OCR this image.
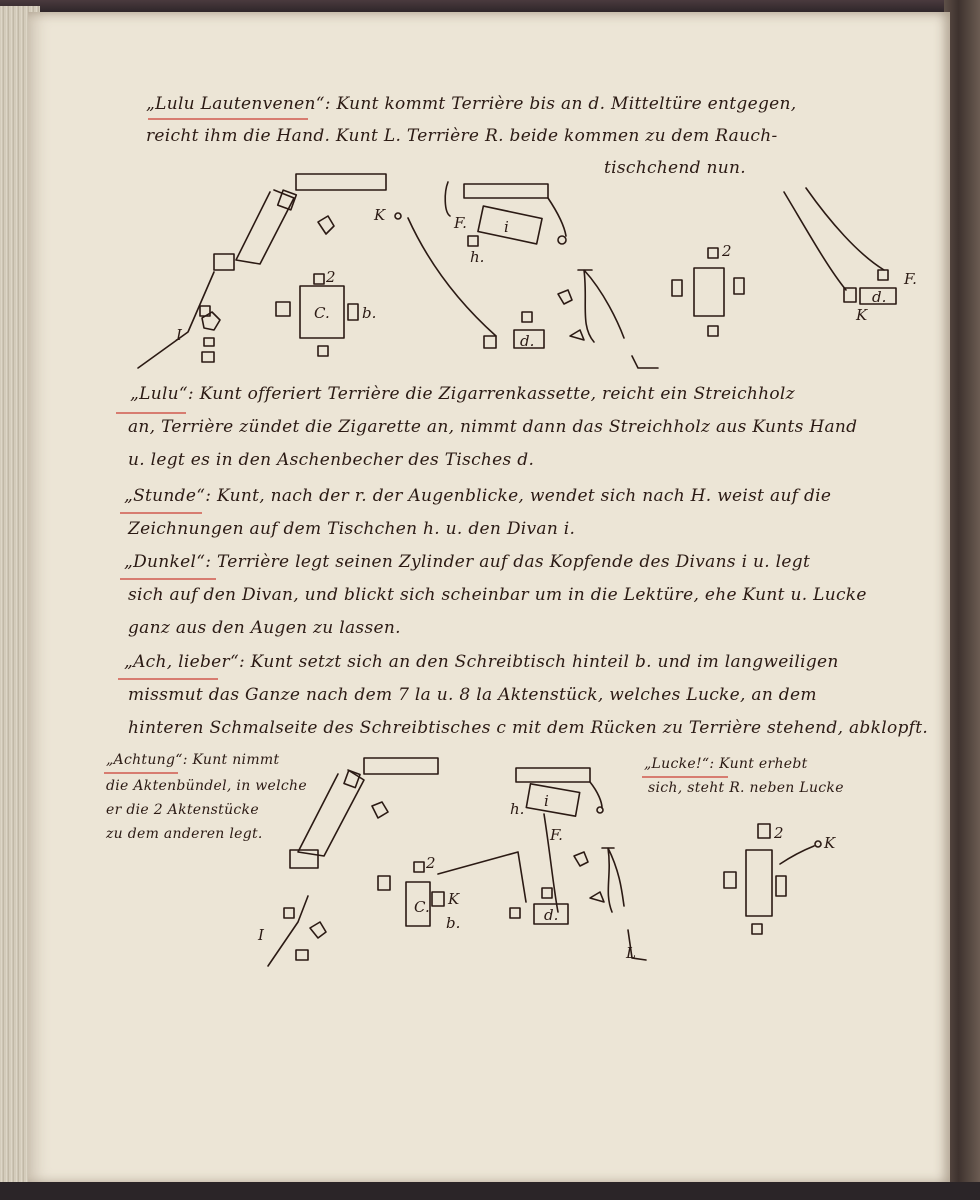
„Lulu Lautenvenen“: Kunt kommt Terrière bis an d. Mitteltüre entgegen,
reicht ihm die Hand. Kunt L. Terrière R. beide kommen zu dem Rauch-
tischchend nun.
I
C. b.
2
K	F. i
h.
d.
2
d.
F.
K
„Lulu“: Kunt offeriert Terrière die Zigarrenkassette, reicht ein Streichholz
an, Terrière zündet die Zigarette an, nimmt dann das Streichholz aus Kunts Hand
u. legt es in den Aschenbecher des Tisches d.
„Stunde“: Kunt, nach der r. der Augenblicke, wendet sich nach H. weist auf die
Zeichnungen auf dem Tischchen h. u. den Divan i.
„Dunkel“: Terrière legt seinen Zylinder auf das Kopfende des Divans i u. legt
sich auf den Divan, und blickt sich scheinbar um in die Lektüre, ehe Kunt u. Lucke
ganz aus den Augen zu lassen.
„Ach, lieber“: Kunt setzt sich an den Schreibtisch hinteil b. und im langweiligen
missmut das Ganze nach dem 7 la u. 8 la Aktenstück, welches Lucke, an dem
hinteren Schmalseite des Schreibtisches c mit dem Rücken zu Terrière stehend, abklopft.
„Achtung“: Kunt nimmt
die Aktenbündel, in welche
er die 2 Aktenstücke
zu dem anderen legt.
„Lucke!“: Kunt erhebt
sich, steht R. neben Lucke
I
C. K
b.
2
i
h.
F.
d.
L
2
K
